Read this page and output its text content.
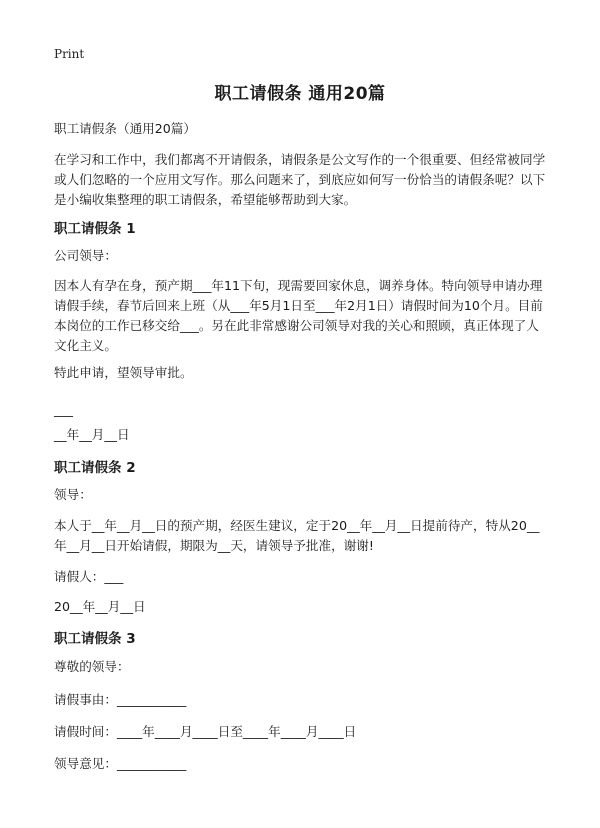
Print
职工请假条 通用20篇
职工请假条（通用20篇）
在学习和工作中，我们都离不开请假条，请假条是公文写作的一个很重要、但经常被同学或人们忽略的一个应用文写作。那么问题来了，到底应如何写一份恰当的请假条呢？以下是小编收集整理的职工请假条，希望能够帮助到大家。
职工请假条 1
公司领导：
因本人有孕在身，预产期___年11下旬，现需要回家休息，调养身体。特向领导申请办理请假手续，春节后回来上班（从___年5月1日至___年2月1日）请假时间为10个月。目前本岗位的工作已移交给___。另在此非常感谢公司领导对我的关心和照顾，真正体现了人文化主义。
特此申请，望领导审批。
___
__年__月__日
职工请假条 2
领导：
本人于__年__月__日的预产期，经医生建议，定于20__年__月__日提前待产，特从20__年__月__日开始请假，期限为__天，请领导予批准，谢谢!
请假人：___
20__年__月__日
职工请假条 3
尊敬的领导：
请假事由：___________
请假时间：____年____月____日至____年____月____日
领导意见：___________
